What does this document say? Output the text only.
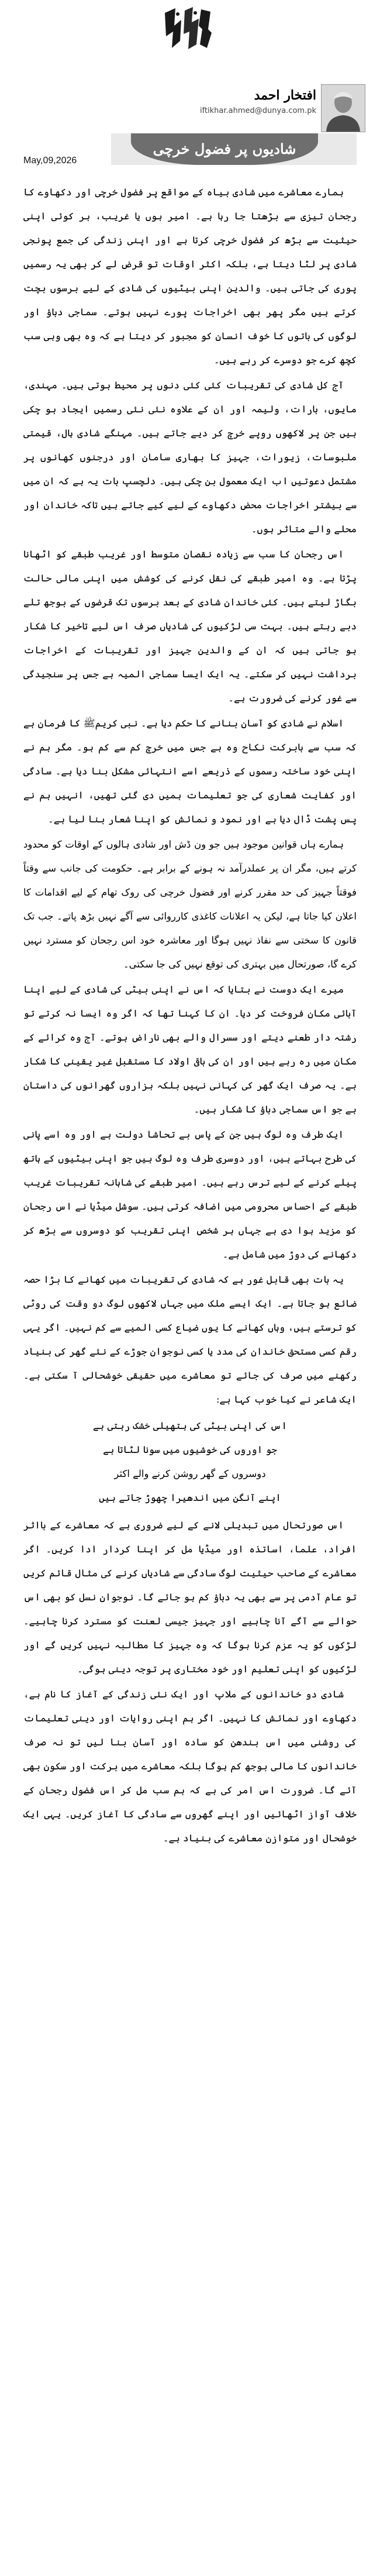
افتخار احمد
iftikhar.ahmed@dunya.com.pk
شادیوں پر فضول خرچی
May,09,2026

ہمارے معاشرے میں شادی بیاہ کے مواقع پر فضول خرچی اور دکھاوے کا رجحان تیزی سے بڑھتا جا رہا ہے۔ امیر ہوں یا غریب، ہر کوئی اپنی حیثیت سے بڑھ کر فضول خرچی کرتا ہے اور اپنی زندگی کی جمع پونجی شادی پر لٹا دیتا ہے، بلکہ اکثر اوقات تو قرض لے کر بھی یہ رسمیں پوری کی جاتی ہیں۔ والدین اپنی بیٹیوں کی شادی کے لیے برسوں بچت کرتے ہیں مگر پھر بھی اخراجات پورے نہیں ہوتے۔ سماجی دباؤ اور لوگوں کی باتوں کا خوف انسان کو مجبور کر دیتا ہے کہ وہ بھی وہی سب کچھ کرے جو دوسرے کر رہے ہیں۔

آج کل شادی کی تقریبات کئی کئی دنوں پر محیط ہوتی ہیں۔ مہندی، مایوں، بارات، ولیمہ اور ان کے علاوہ نئی نئی رسمیں ایجاد ہو چکی ہیں جن پر لاکھوں روپے خرچ کر دیے جاتے ہیں۔ مہنگے شادی ہال، قیمتی ملبوسات، زیورات، جہیز کا بھاری سامان اور درجنوں کھانوں پر مشتمل دعوتیں اب ایک معمول بن چکی ہیں۔ دلچسپ بات یہ ہے کہ ان میں سے بیشتر اخراجات محض دکھاوے کے لیے کیے جاتے ہیں تاکہ خاندان اور محلے والے متاثر ہوں۔

اس رجحان کا سب سے زیادہ نقصان متوسط اور غریب طبقے کو اٹھانا پڑتا ہے۔ وہ امیر طبقے کی نقل کرنے کی کوشش میں اپنی مالی حالت بگاڑ لیتے ہیں۔ کئی خاندان شادی کے بعد برسوں تک قرضوں کے بوجھ تلے دبے رہتے ہیں۔ بہت سی لڑکیوں کی شادیاں صرف اس لیے تاخیر کا شکار ہو جاتی ہیں کہ ان کے والدین جہیز اور تقریبات کے اخراجات برداشت نہیں کر سکتے۔ یہ ایک ایسا سماجی المیہ ہے جس پر سنجیدگی سے غور کرنے کی ضرورت ہے۔

اسلام نے شادی کو آسان بنانے کا حکم دیا ہے۔ نبی کریمﷺ کا فرمان ہے کہ سب سے بابرکت نکاح وہ ہے جس میں خرچ کم سے کم ہو۔ مگر ہم نے اپنی خود ساختہ رسموں کے ذریعے اسے انتہائی مشکل بنا دیا ہے۔ سادگی اور کفایت شعاری کی جو تعلیمات ہمیں دی گئی تھیں، انہیں ہم نے پس پشت ڈال دیا ہے اور نمود و نمائش کو اپنا شعار بنا لیا ہے۔

ہمارے ہاں قوانین موجود ہیں جو ون ڈش اور شادی ہالوں کے اوقات کو محدود کرتے ہیں، مگر ان پر عملدرآمد نہ ہونے کے برابر ہے۔ حکومت کی جانب سے وقتاً فوقتاً جہیز کی حد مقرر کرنے اور فضول خرچی کی روک تھام کے لیے اقدامات کا اعلان کیا جاتا ہے، لیکن یہ اعلانات کاغذی کارروائی سے آگے نہیں بڑھ پاتے۔ جب تک قانون کا سختی سے نفاذ نہیں ہوگا اور معاشرہ خود اس رجحان کو مسترد نہیں کرے گا، صورتحال میں بہتری کی توقع نہیں کی جا سکتی۔

میرے ایک دوست نے بتایا کہ اس نے اپنی بیٹی کی شادی کے لیے اپنا آبائی مکان فروخت کر دیا۔ ان کا کہنا تھا کہ اگر وہ ایسا نہ کرتے تو رشتہ دار طعنے دیتے اور سسرال والے بھی ناراض ہوتے۔ آج وہ کرائے کے مکان میں رہ رہے ہیں اور ان کی باقی اولاد کا مستقبل غیر یقینی کا شکار ہے۔ یہ صرف ایک گھر کی کہانی نہیں بلکہ ہزاروں گھرانوں کی داستان ہے جو اس سماجی دباؤ کا شکار ہیں۔

ایک طرف وہ لوگ ہیں جن کے پاس بے تحاشا دولت ہے اور وہ اسے پانی کی طرح بہاتے ہیں، اور دوسری طرف وہ لوگ ہیں جو اپنی بیٹیوں کے ہاتھ پیلے کرنے کے لیے ترس رہے ہیں۔ امیر طبقے کی شاہانہ تقریبات غریب طبقے کے احساس محرومی میں اضافہ کرتی ہیں۔ سوشل میڈیا نے اس رجحان کو مزید ہوا دی ہے جہاں ہر شخص اپنی تقریب کو دوسروں سے بڑھ کر دکھانے کی دوڑ میں شامل ہے۔

یہ بات بھی قابل غور ہے کہ شادی کی تقریبات میں کھانے کا بڑا حصہ ضائع ہو جاتا ہے۔ ایک ایسے ملک میں جہاں لاکھوں لوگ دو وقت کی روٹی کو ترستے ہیں، وہاں کھانے کا یوں ضیاع کسی المیے سے کم نہیں۔ اگر یہی رقم کسی مستحق خاندان کی مدد یا کسی نوجوان جوڑے کے نئے گھر کی بنیاد رکھنے میں صرف کی جائے تو معاشرے میں حقیقی خوشحالی آ سکتی ہے۔ ایک شاعر نے کیا خوب کہا ہے:

اس کی اپنی بیٹی کی ہتھیلی خشک رہتی ہے
جو اوروں کی خوشیوں میں سونا لٹاتا ہے
دوسروں کے گھر روشن کرنے والے اکثر
اپنے آنگن میں اندھیرا چھوڑ جاتے ہیں

اس صورتحال میں تبدیلی لانے کے لیے ضروری ہے کہ معاشرے کے بااثر افراد، علما، اساتذہ اور میڈیا مل کر اپنا کردار ادا کریں۔ اگر معاشرے کے صاحب حیثیت لوگ سادگی سے شادیاں کرنے کی مثال قائم کریں تو عام آدمی پر سے بھی یہ دباؤ کم ہو جائے گا۔ نوجوان نسل کو بھی اس حوالے سے آگے آنا چاہیے اور جہیز جیسی لعنت کو مسترد کرنا چاہیے۔ لڑکوں کو یہ عزم کرنا ہوگا کہ وہ جہیز کا مطالبہ نہیں کریں گے اور لڑکیوں کو اپنی تعلیم اور خود مختاری پر توجہ دینی ہوگی۔

شادی دو خاندانوں کے ملاپ اور ایک نئی زندگی کے آغاز کا نام ہے، دکھاوے اور نمائش کا نہیں۔ اگر ہم اپنی روایات اور دینی تعلیمات کی روشنی میں اس بندھن کو سادہ اور آسان بنا لیں تو نہ صرف خاندانوں کا مالی بوجھ کم ہوگا بلکہ معاشرے میں برکت اور سکون بھی آئے گا۔ ضرورت اس امر کی ہے کہ ہم سب مل کر اس فضول رجحان کے خلاف آواز اٹھائیں اور اپنے گھروں سے سادگی کا آغاز کریں۔ یہی ایک خوشحال اور متوازن معاشرے کی بنیاد ہے۔
